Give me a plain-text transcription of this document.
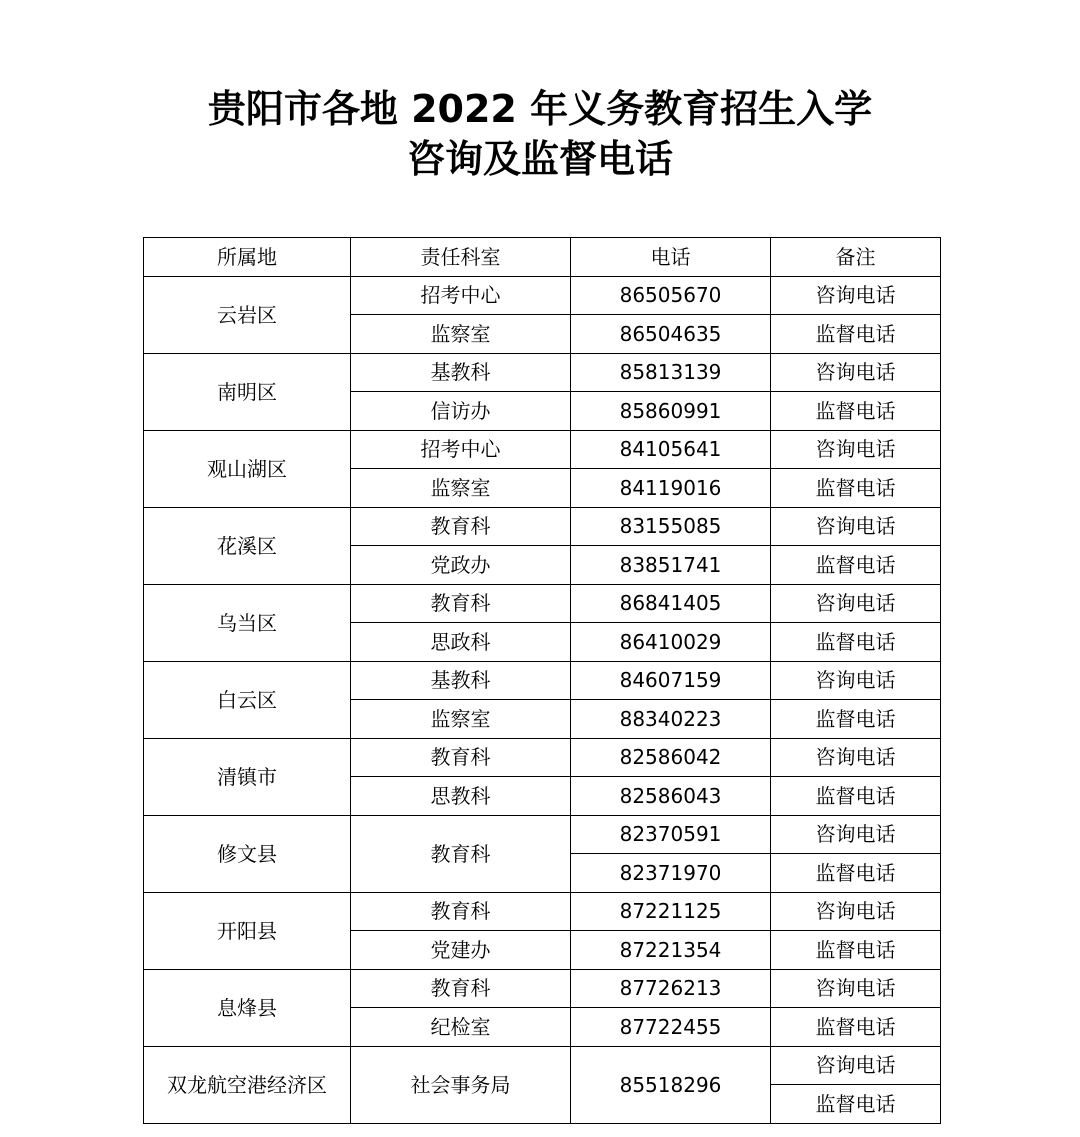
贵阳市各地 2022 年义务教育招生入学
咨询及监督电话
所属地	责任科室	电话	备注
云岩区	招考中心	86505670	咨询电话
	监察室	86504635	监督电话
南明区	基教科	85813139	咨询电话
	信访办	85860991	监督电话
观山湖区	招考中心	84105641	咨询电话
	监察室	84119016	监督电话
花溪区	教育科	83155085	咨询电话
	党政办	83851741	监督电话
乌当区	教育科	86841405	咨询电话
	思政科	86410029	监督电话
白云区	基教科	84607159	咨询电话
	监察室	88340223	监督电话
清镇市	教育科	82586042	咨询电话
	思教科	82586043	监督电话
修文县	教育科	82370591	咨询电话
		82371970	监督电话
开阳县	教育科	87221125	咨询电话
	党建办	87221354	监督电话
息烽县	教育科	87726213	咨询电话
	纪检室	87722455	监督电话
双龙航空港经济区	社会事务局	85518296	咨询电话
			监督电话
